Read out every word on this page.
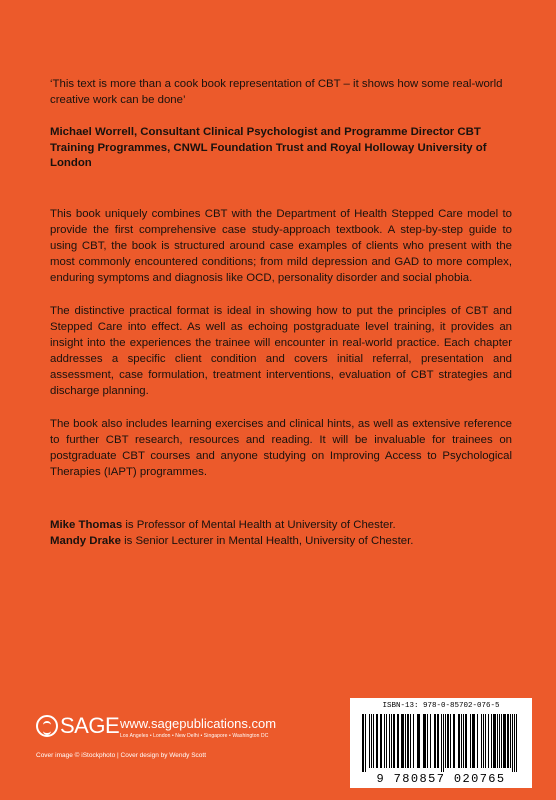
‘This text is more than a cook book representation of CBT – it shows how some real-world creative work can be done’
Michael Worrell, Consultant Clinical Psychologist and Programme Director CBT Training Programmes, CNWL Foundation Trust and Royal Holloway University of London

This book uniquely combines CBT with the Department of Health Stepped Care model to provide the first comprehensive case study-approach textbook. A step-by-step guide to using CBT, the book is structured around case examples of clients who present with the most commonly encountered conditions; from mild depression and GAD to more complex, enduring symptoms and diagnosis like OCD, personality disorder and social phobia.

The distinctive practical format is ideal in showing how to put the principles of CBT and Stepped Care into effect. As well as echoing postgraduate level training, it provides an insight into the experiences the trainee will encounter in real-world practice. Each chapter addresses a specific client condition and covers initial referral, presentation and assessment, case formulation, treatment interventions, evaluation of CBT strategies and discharge planning.

The book also includes learning exercises and clinical hints, as well as extensive reference to further CBT research, resources and reading. It will be invaluable for trainees on postgraduate CBT courses and anyone studying on Improving Access to Psychological Therapies (IAPT) programmes.

Mike Thomas is Professor of Mental Health at University of Chester.
Mandy Drake is Senior Lecturer in Mental Health, University of Chester.
SAGE www.sagepublications.com
Los Angeles • London • New Delhi • Singapore • Washington DC
Cover image © iStockphoto | Cover design by Wendy Scott
ISBN-13: 978-0-85702-076-5
9 780857 020765
